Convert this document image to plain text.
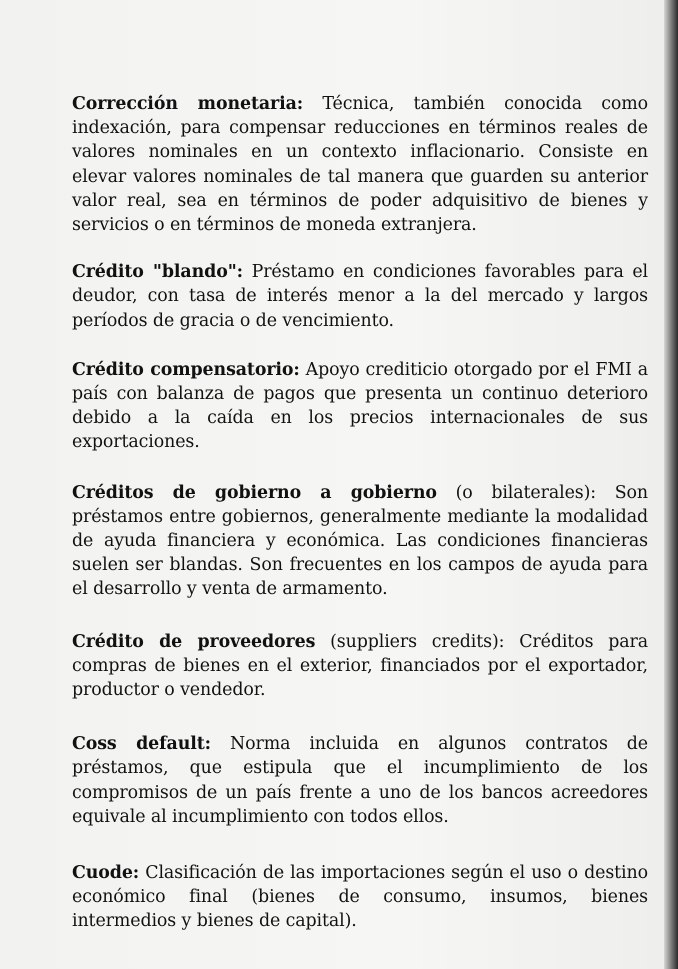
Corrección monetaria: Técnica, también conocida como indexación, para compensar reducciones en términos reales de valores nominales en un contexto inflacionario. Consiste en elevar valores nominales de tal manera que guarden su anterior valor real, sea en términos de poder adquisitivo de bienes y servicios o en términos de moneda extranjera.

Crédito "blando": Préstamo en condiciones favorables para el deudor, con tasa de interés menor a la del mercado y largos períodos de gracia o de vencimiento.

Crédito compensatorio: Apoyo crediticio otorgado por el FMI a país con balanza de pagos que presenta un continuo deterioro debido a la caída en los precios internacionales de sus exportaciones.

Créditos de gobierno a gobierno (o bilaterales): Son préstamos entre gobiernos, generalmente mediante la modalidad de ayuda financiera y económica. Las condiciones financieras suelen ser blandas. Son frecuentes en los campos de ayuda para el desarrollo y venta de armamento.

Crédito de proveedores (suppliers credits): Créditos para compras de bienes en el exterior, financiados por el exportador, productor o vendedor.

Coss default: Norma incluida en algunos contratos de préstamos, que estipula que el incumplimiento de los compromisos de un país frente a uno de los bancos acreedores equivale al incumplimiento con todos ellos.

Cuode: Clasificación de las importaciones según el uso o destino económico final (bienes de consumo, insumos, bienes intermedios y bienes de capital).
